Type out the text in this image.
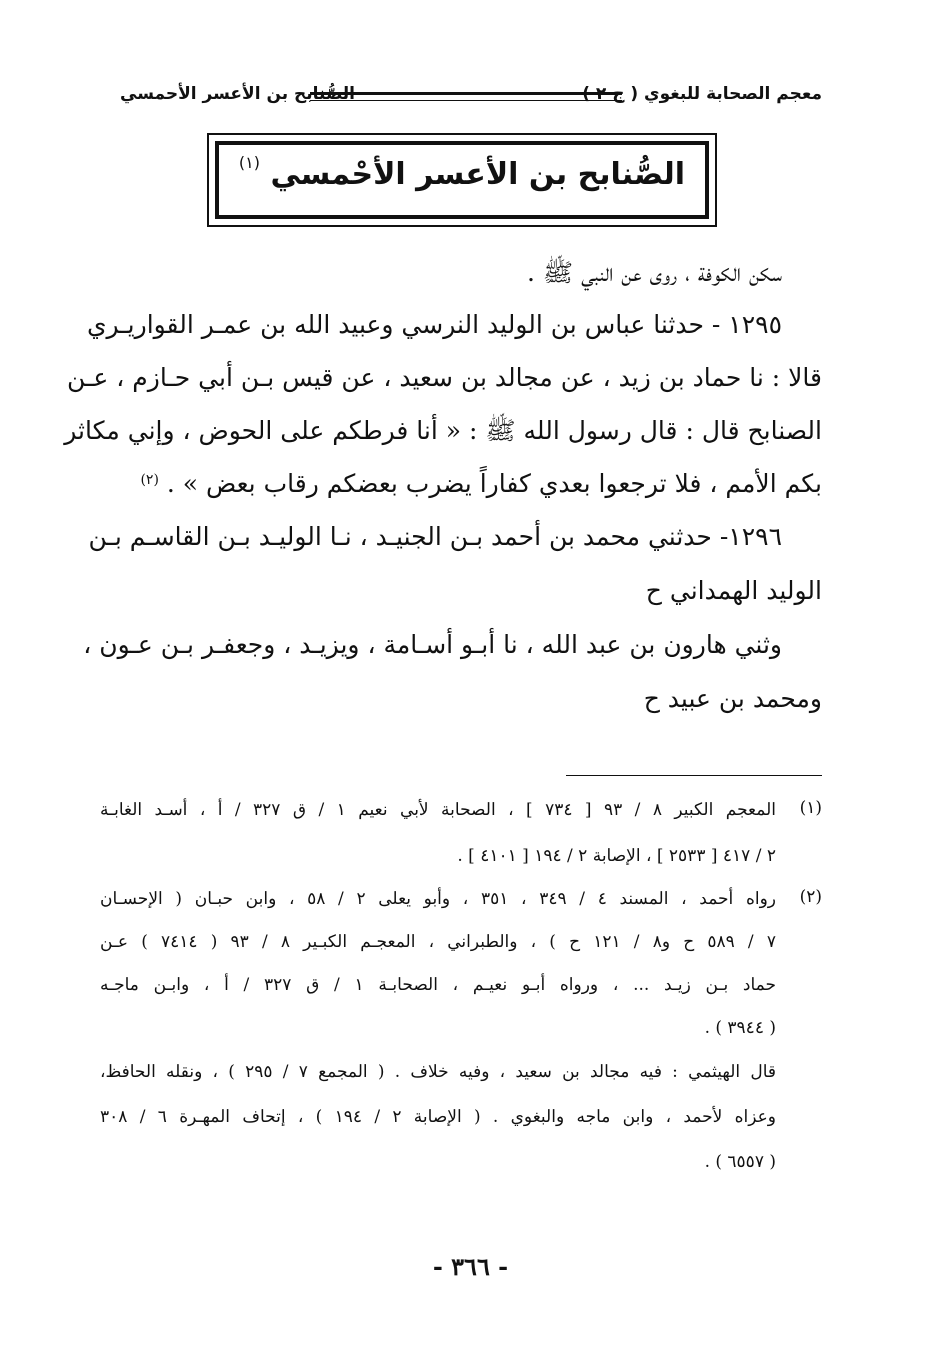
معجم الصحابة للبغوي ( ج ٢ )
الصُّنابح بن الأعسر الأحمسي
الصُّنابح بن الأعسر الأحْمسي $^{(١)}$
سكن الكوفة ، روى عن النبي ﷺ .
١٢٩٥ - حدثنا عباس بن الوليد النرسي وعبيد الله بن عمـر القواريـري
قالا : نا حماد بن زيد ، عن مجالد بن سعيد ، عن قيس بـن أبي حـازم ، عـن
الصنابح قال : قال رسول الله ﷺ : « أنا فرطكم على الحوض ، وإني مكاثر
بكم الأمم ، فلا ترجعوا بعدي كفاراً يضرب بعضكم رقاب بعض » . $^{(٢)}$
١٢٩٦- حدثني محمد بن أحمد بـن الجنيـد ، نـا الوليـد بـن القاسـم بـن
الوليد الهمداني ح
وثني هارون بن عبد الله ، نا أبـو أسـامة ، ويزيـد ، وجعفـر بـن عـون ،
ومحمد بن عبيد ح
(١)
المعجم الكبير ٨ / ٩٣ [ ٧٣٤ ] ، الصحابة لأبي نعيم ١ / ق ٣٢٧ / أ ، أسـد الغابـة
٢ / ٤١٧ [ ٢٥٣٣ ] ، الإصابة ٢ / ١٩٤ [ ٤١٠١ ] .
(٢)
رواه أحمد ، المسند ٤ / ٣٤٩ ، ٣٥١ ، وأبو يعلى ٢ / ٥٨ ، وابن حبـان ( الإحسـان
٧ / ٥٨٩ ح و٨ / ١٢١ ح ) ، والطبراني ، المعجـم الكبـير ٨ / ٩٣ ( ٧٤١٤ ) عـن
حماد بـن زيـد ... ، ورواه أبـو نعيـم ، الصحابـة ١ / ق ٣٢٧ / أ ، وابـن ماجـه
( ٣٩٤٤ ) .
قال الهيثمي : فيه مجالد بن سعيد ، وفيه خلاف . ( المجمع ٧ / ٢٩٥ ) ، ونقله الحافظ،
وعزاه لأحمد ، وابن ماجه والبغوي . ( الإصابة ٢ / ١٩٤ ) ، إتحاف المهـرة ٦ / ٣٠٨
( ٦٥٥٧ ) .
- ٣٦٦ -
